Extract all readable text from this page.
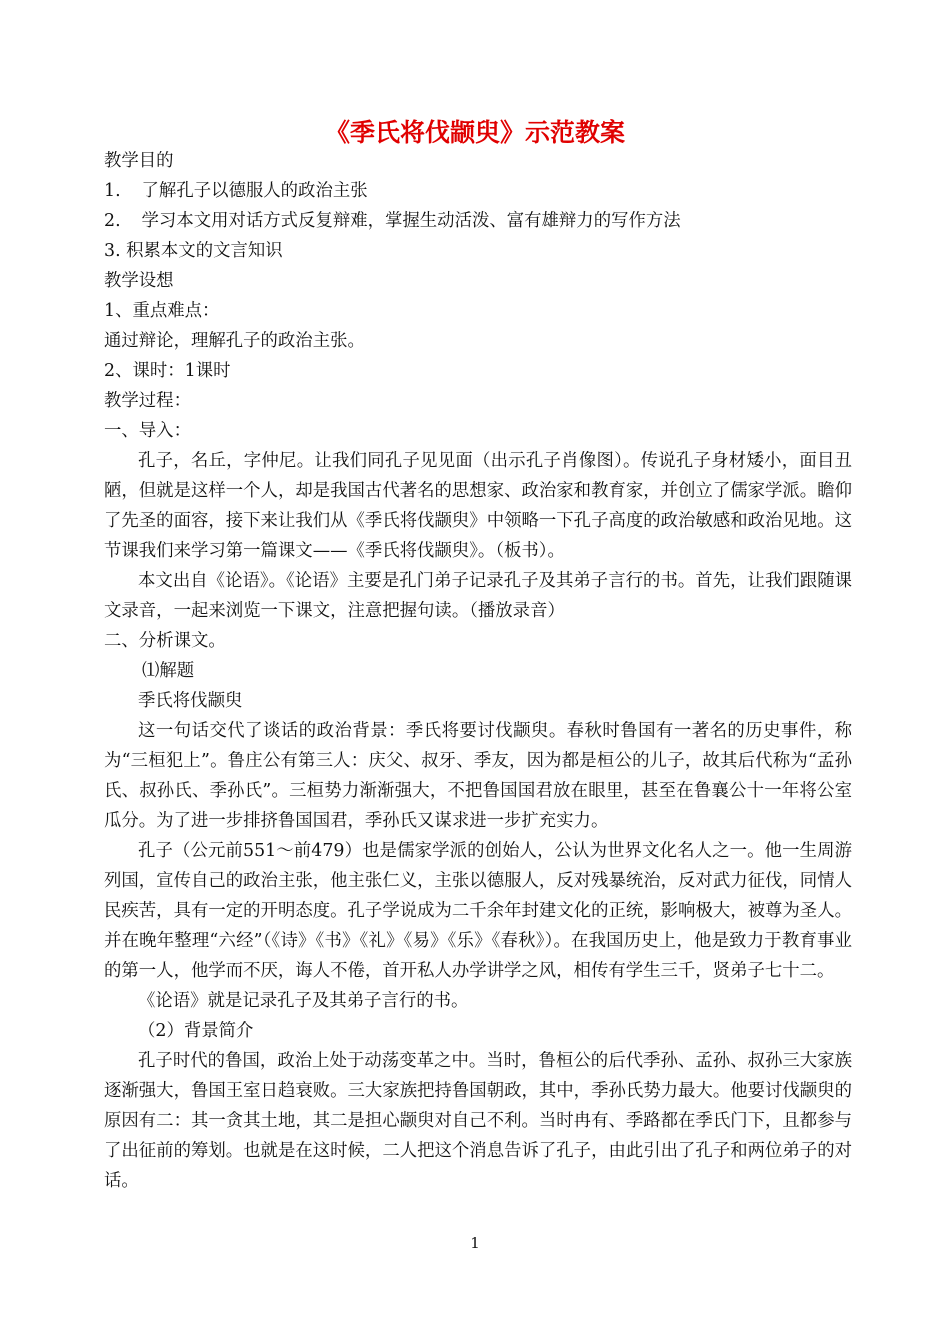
《季氏将伐颛臾》示范教案
教学目的
1. 了解孔子以德服人的政治主张
2. 学习本文用对话方式反复辩难，掌握生动活泼、富有雄辩力的写作方法
3. 积累本文的文言知识
教学设想
1、重点难点：
通过辩论，理解孔子的政治主张。
2、课时：1课时
教学过程：
一、导入：
孔子，名丘，字仲尼。让我们同孔子见见面（出示孔子肖像图）。传说孔子身材矮小，面目丑陋，但就是这样一个人，却是我国古代著名的思想家、政治家和教育家，并创立了儒家学派。瞻仰了先圣的面容，接下来让我们从《季氏将伐颛臾》中领略一下孔子高度的政治敏感和政治见地。这节课我们来学习第一篇课文——《季氏将伐颛臾》。（板书）。
本文出自《论语》。《论语》主要是孔门弟子记录孔子及其弟子言行的书。首先，让我们跟随课文录音，一起来浏览一下课文，注意把握句读。（播放录音）
二、分析课文。
⑴解题
季氏将伐颛臾
这一句话交代了谈话的政治背景：季氏将要讨伐颛臾。春秋时鲁国有一著名的历史事件，称为“三桓犯上”。鲁庄公有第三人：庆父、叔牙、季友，因为都是桓公的儿子，故其后代称为“孟孙氏、叔孙氏、季孙氏”。三桓势力渐渐强大，不把鲁国国君放在眼里，甚至在鲁襄公十一年将公室瓜分。为了进一步排挤鲁国国君，季孙氏又谋求进一步扩充实力。
孔子（公元前551～前479）也是儒家学派的创始人，公认为世界文化名人之一。他一生周游列国，宣传自己的政治主张，他主张仁义，主张以德服人，反对残暴统治，反对武力征伐，同情人民疾苦，具有一定的开明态度。孔子学说成为二千余年封建文化的正统，影响极大，被尊为圣人。并在晚年整理“六经”（《诗》《书》《礼》《易》《乐》《春秋》）。在我国历史上，他是致力于教育事业的第一人，他学而不厌，诲人不倦，首开私人办学讲学之风，相传有学生三千，贤弟子七十二。
《论语》就是记录孔子及其弟子言行的书。
（2）背景简介
孔子时代的鲁国，政治上处于动荡变革之中。当时，鲁桓公的后代季孙、孟孙、叔孙三大家族逐渐强大，鲁国王室日趋衰败。三大家族把持鲁国朝政，其中，季孙氏势力最大。他要讨伐颛臾的原因有二：其一贪其土地，其二是担心颛臾对自己不利。当时冉有、季路都在季氏门下，且都参与了出征前的筹划。也就是在这时候，二人把这个消息告诉了孔子，由此引出了孔子和两位弟子的对话。
1
